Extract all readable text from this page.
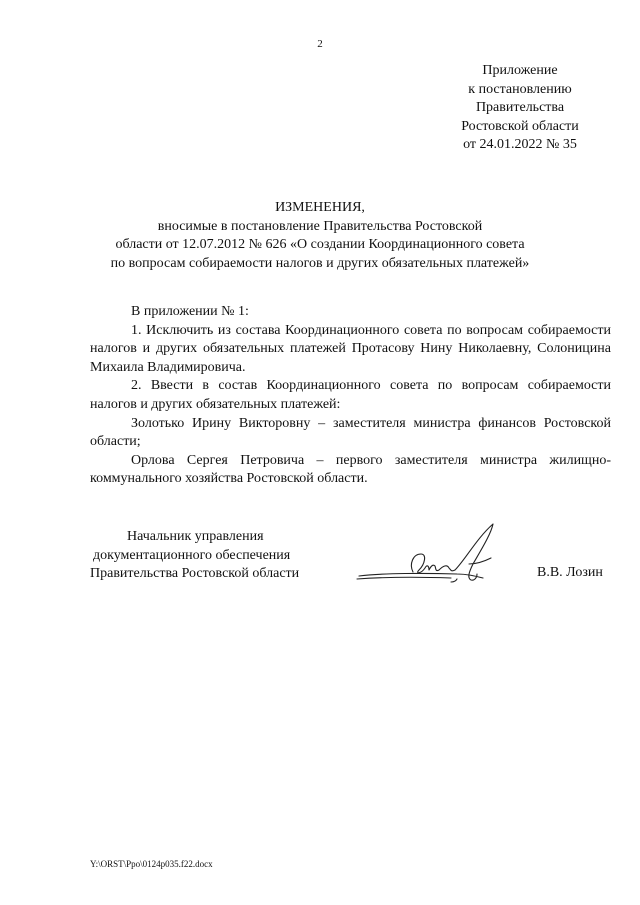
2
Приложение
к постановлению
Правительства
Ростовской области
от 24.01.2022 № 35
ИЗМЕНЕНИЯ,
вносимые в постановление Правительства Ростовской
области от 12.07.2012 № 626 «О создании Координационного совета
по вопросам собираемости налогов и других обязательных платежей»

В приложении № 1:

1. Исключить из состава Координационного совета по вопросам собираемости налогов и других обязательных платежей Протасову Нину Николаевну, Солоницина Михаила Владимировича.

2. Ввести в состав Координационного совета по вопросам собираемости налогов и других обязательных платежей:

Золотько Ирину Викторовну – заместителя министра финансов Ростовской области;

Орлова Сергея Петровича – первого заместителя министра жилищно-коммунального хозяйства Ростовской области.

Начальник управления
документационного обеспечения
Правительства Ростовской области	В.В. Лозин
Y:\ORST\Ppo\0124p035.f22.docx
